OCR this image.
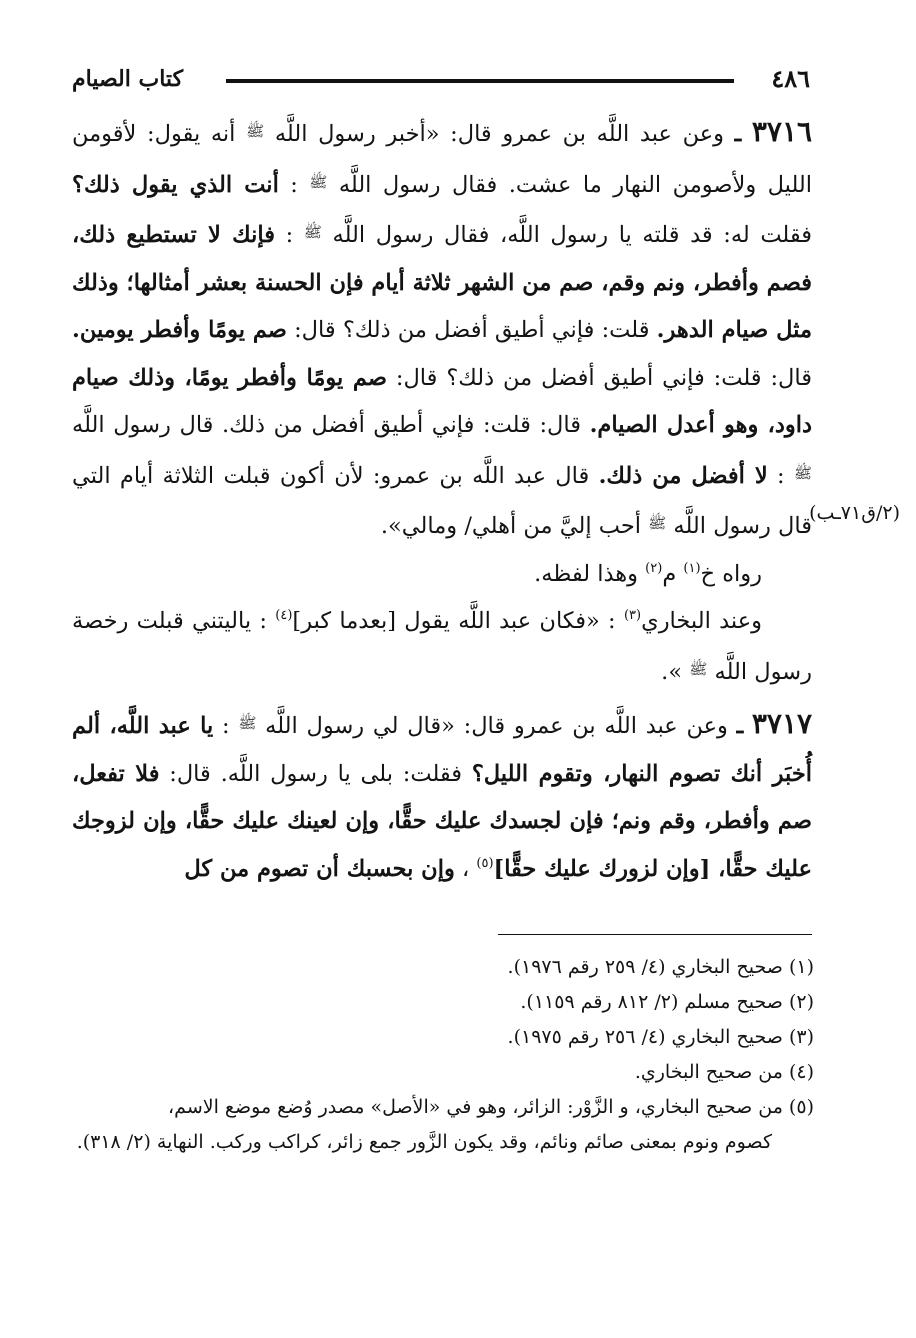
٤٨٦
كتاب الصيام

(٢/ق٧١ـب)
٣٧١٦ ـ وعن عبد اللَّه بن عمرو قال: «أخبر رسول اللَّه $^ﷺ$ أنه يقول: لأقومن الليل ولأصومن النهار ما عشت. فقال رسول اللَّه $^ﷺ$ : أنت الذي يقول ذلك؟ فقلت له: قد قلته يا رسول اللَّه، فقال رسول اللَّه $^ﷺ$ : فإنك لا تستطيع ذلك، فصم وأفطر، ونم وقم، صم من الشهر ثلاثة أيام فإن الحسنة بعشر أمثالها؛ وذلك مثل صيام الدهر. قلت: فإني أطيق أفضل من ذلك؟ قال: صم يومًا وأفطر يومين. قال: قلت: فإني أطيق أفضل من ذلك؟ قال: صم يومًا وأفطر يومًا، وذلك صيام داود، وهو أعدل الصيام. قال: قلت: فإني أطيق أفضل من ذلك. قال رسول اللَّه $^ﷺ$ : لا أفضل من ذلك. قال عبد اللَّه بن عمرو: لأن أكون قبلت الثلاثة أيام التي قال رسول اللَّه $^ﷺ$ أحب إليَّ من أهلي/ ومالي».

رواه خ$^{(١)}$ م$^{(٢)}$ وهذا لفظه.

وعند البخاري$^{(٣)}$ : «فكان عبد اللَّه يقول [بعدما كبر]$^{(٤)}$ : ياليتني قبلت رخصة رسول اللَّه $^ﷺ$ ».

٣٧١٧ ـ وعن عبد اللَّه بن عمرو قال: «قال لي رسول اللَّه $^ﷺ$ : يا عبد اللَّه، ألم أُخبَر أنك تصوم النهار، وتقوم الليل؟ فقلت: بلى يا رسول اللَّه. قال: فلا تفعل، صم وأفطر، وقم ونم؛ فإن لجسدك عليك حقًّا، وإن لعينك عليك حقًّا، وإن لزوجك عليك حقًّا، [وإن لزورك عليك حقًّا]$^{(٥)}$ ، وإن بحسبك أن تصوم من كل

(١) صحيح البخاري (٤/ ٢٥٩ رقم ١٩٧٦).

(٢) صحيح مسلم (٢/ ٨١٢ رقم ١١٥٩).

(٣) صحيح البخاري (٤/ ٢٥٦ رقم ١٩٧٥).

(٤) من صحيح البخاري.

(٥) من صحيح البخاري، و الزَّوْر: الزائر، وهو في «الأصل» مصدر وُضع موضع الاسم،

كصوم ونوم بمعنى صائم ونائم، وقد يكون الزَّور جمع زائر، كراكب وركب. النهاية (٢/ ٣١٨).
